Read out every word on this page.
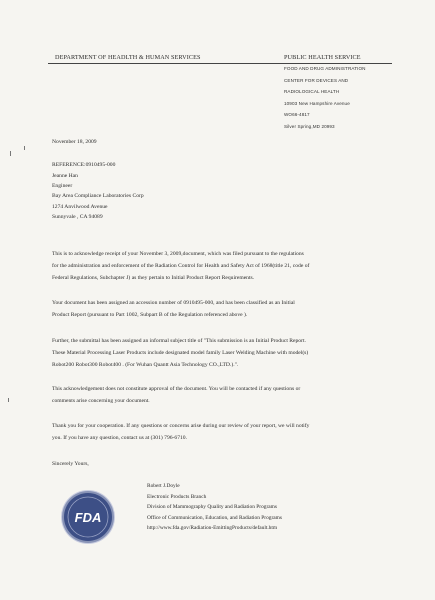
DEPARTMENT OF HEADLTH & HUMAN SERVICES	PUBLIC HEALTH SERVICE
FOOD AND DRUG ADMINISTRATION
CENTER FOR DEVICES AND
RADIOLOGICAL HEALTH
10903 New Hampshire Avenue
WO66-4817
Silver Spring,MD 20993
November 18, 2009
REFERENCE:0910495-000
Jeanne Han
Engineer
Bay Area Compliance Laboratories Corp
1274 Anvilwood Avenue
Sunnyvale , CA 94089
This is to acknowledge receipt of your November 3, 2009,document, which was filed pursuant to the regulations
for the administration and enforcement of the Radiation Control for Health and Safety Act of 1968(title 21, code of
Federal Regulations, Subchapter J) as they pertain to Initial Product Report Requirements.
Your document has been assigned an accession number of 0910495-000, and has been classified as an Initial
Product Report (pursuant to Part 1002, Subpart B of the Regulation referenced above ).
Further, the submittal has been assigned an informal subject title of "This submission is an Initial Product Report.
These Material Processing Laser Products include designated model family Laser Welding Machine with model(s)
Robot200 Robot300 Robot400 . (For Wuhan Quantt Asia Technology CO.,LTD.).".
This acknowledgement does not constitute approval of the document. You will be contacted if any questions or
comments arise concerning your document.
Thank you for your cooperation. If any questions or concerns arise during our review of your report, we will notify
you. If you have any question, contact us at (301) 796-6710.
Sincerely Yours,
FDA
Robert J.Doyle
Electronic Products Branch
Division of Mammography Quality and Radiation Programs
Office of Communication, Education, and Radiation Programs
http://www.fda.gov/Radiation-EmittingProducts/default.htm
